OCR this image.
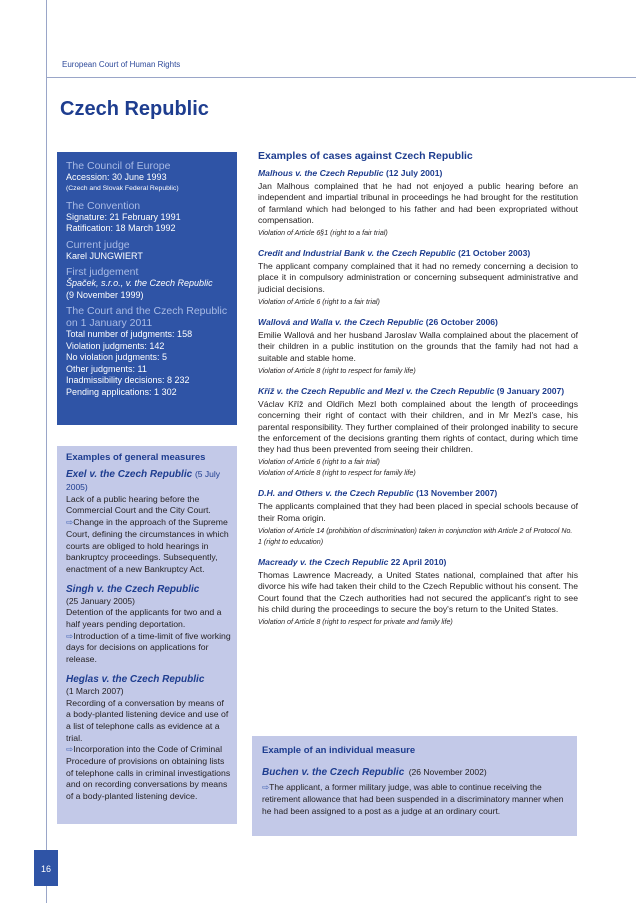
European Court of Human Rights
Czech Republic
The Council of Europe
Accession: 30 June 1993
(Czech and Slovak Federal Republic)
The Convention
Signature: 21 February 1991
Ratification: 18 March 1992
Current judge
Karel JUNGWIERT
First judgement
Špaček, s.r.o., v. the Czech Republic
(9 November 1999)
The Court and the Czech Republic
on 1 January 2011
Total number of judgments: 158
Violation judgments: 142
No violation judgments: 5
Other judgments: 11
Inadmissibility decisions: 8 232
Pending applications: 1 302
Examples of general measures
Exel v. the Czech Republic (5 July 2005)
Lack of a public hearing before the Commercial Court and the City Court.
⇨Change in the approach of the Supreme Court, defining the circumstances in which courts are obliged to hold hearings in bankruptcy proceedings. Subsequently, enactment of a new Bankruptcy Act.
Singh v. the Czech Republic
(25 January 2005)
Detention of the applicants for two and a half years pending deportation.
⇨Introduction of a time-limit of five working days for decisions on applications for release.
Heglas v. the Czech Republic
(1 March 2007)
Recording of a conversation by means of a body-planted listening device and use of a list of telephone calls as evidence at a trial.
⇨Incorporation into the Code of Criminal Procedure of provisions on obtaining lists of telephone calls in criminal investigations and on recording conversations by means of a body-planted listening device.
Examples of cases against Czech Republic
Malhous v. the Czech Republic (12 July 2001)
Jan Malhous complained that he had not enjoyed a public hearing before an independent and impartial tribunal in proceedings he had brought for the restitution of farmland which had belonged to his father and had been expropriated without compensation.
Violation of Article 6§1 (right to a fair trial)
Credit and Industrial Bank v. the Czech Republic (21 October 2003)
The applicant company complained that it had no remedy concerning a decision to place it in compulsory administration or concerning subsequent administrative and judicial decisions.
Violation of Article 6 (right to a fair trial)
Wallová and Walla v. the Czech Republic (26 October 2006)
Emilie Wallová and her husband Jaroslav Walla complained about the placement of their children in a public institution on the grounds that the family had not had a suitable and stable home.
Violation of Article 8 (right to respect for family life)
Kříž v. the Czech Republic and Mezl v. the Czech Republic (9 January 2007)
Václav Kříž and Oldřich Mezl both complained about the length of proceedings concerning their right of contact with their children, and in Mr Mezl's case, his parental responsibility. They further complained of their prolonged inability to secure the enforcement of the decisions granting them rights of contact, during which time they had thus been prevented from seeing their children.
Violation of Article 6 (right to a fair trial)
Violation of Article 8 (right to respect for family life)
D.H. and Others v. the Czech Republic (13 November 2007)
The applicants complained that they had been placed in special schools because of their Roma origin.
Violation of Article 14 (prohibition of discrimination) taken in conjunction with Article 2 of Protocol No. 1 (right to education)
Macready v. the Czech Republic 22 April 2010)
Thomas Lawrence Macready, a United States national, complained that after his divorce his wife had taken their child to the Czech Republic without his consent. The Court found that the Czech authorities had not secured the applicant's right to see his child during the proceedings to secure the boy's return to the United States.
Violation of Article 8 (right to respect for private and family life)
Example of an individual measure
Buchen v. the Czech Republic (26 November 2002)
⇨The applicant, a former military judge, was able to continue receiving the retirement allowance that had been suspended in a discriminatory manner when he had been assigned to a post as a judge at an ordinary court.
16
